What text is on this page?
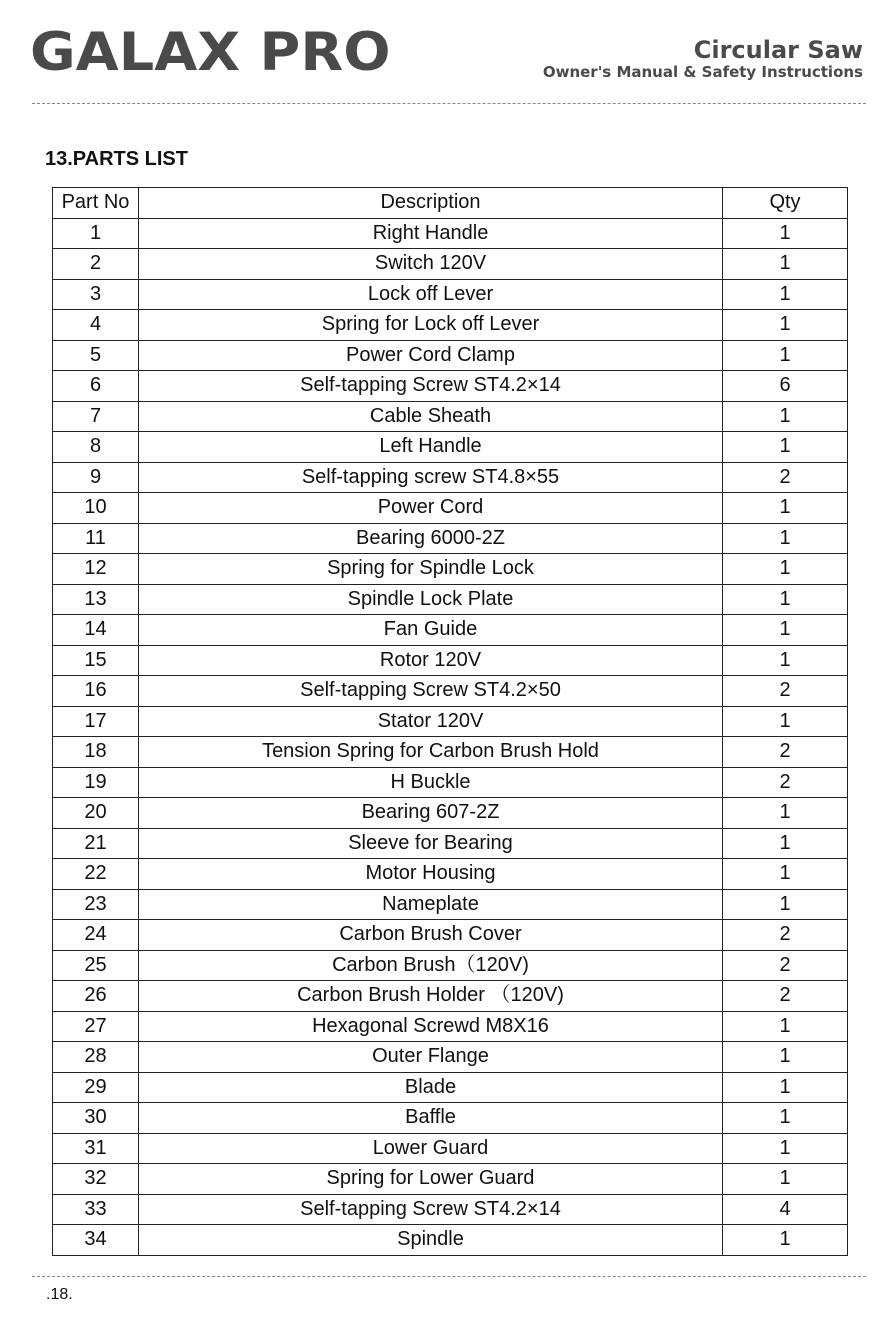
GALAX PRO	Circular Saw
Owner's Manual & Safety Instructions
13.PARTS LIST
Part No	Description	Qty
1	Right Handle	1
2	Switch 120V	1
3	Lock off Lever	1
4	Spring for Lock off Lever	1
5	Power Cord Clamp	1
6	Self-tapping Screw ST4.2×14	6
7	Cable Sheath	1
8	Left Handle	1
9	Self-tapping screw ST4.8×55	2
10	Power Cord	1
11	Bearing 6000-2Z	1
12	Spring for Spindle Lock	1
13	Spindle Lock Plate	1
14	Fan Guide	1
15	Rotor 120V	1
16	Self-tapping Screw ST4.2×50	2
17	Stator 120V	1
18	Tension Spring for Carbon Brush Hold	2
19	H Buckle	2
20	Bearing 607-2Z	1
21	Sleeve for Bearing	1
22	Motor Housing	1
23	Nameplate	1
24	Carbon Brush Cover	2
25	Carbon Brush（120V)	2
26	Carbon Brush Holder （120V)	2
27	Hexagonal Screwd M8X16	1
28	Outer Flange	1
29	Blade	1
30	Baffle	1
31	Lower Guard	1
32	Spring for Lower Guard	1
33	Self-tapping Screw ST4.2×14	4
34	Spindle	1
.18.
